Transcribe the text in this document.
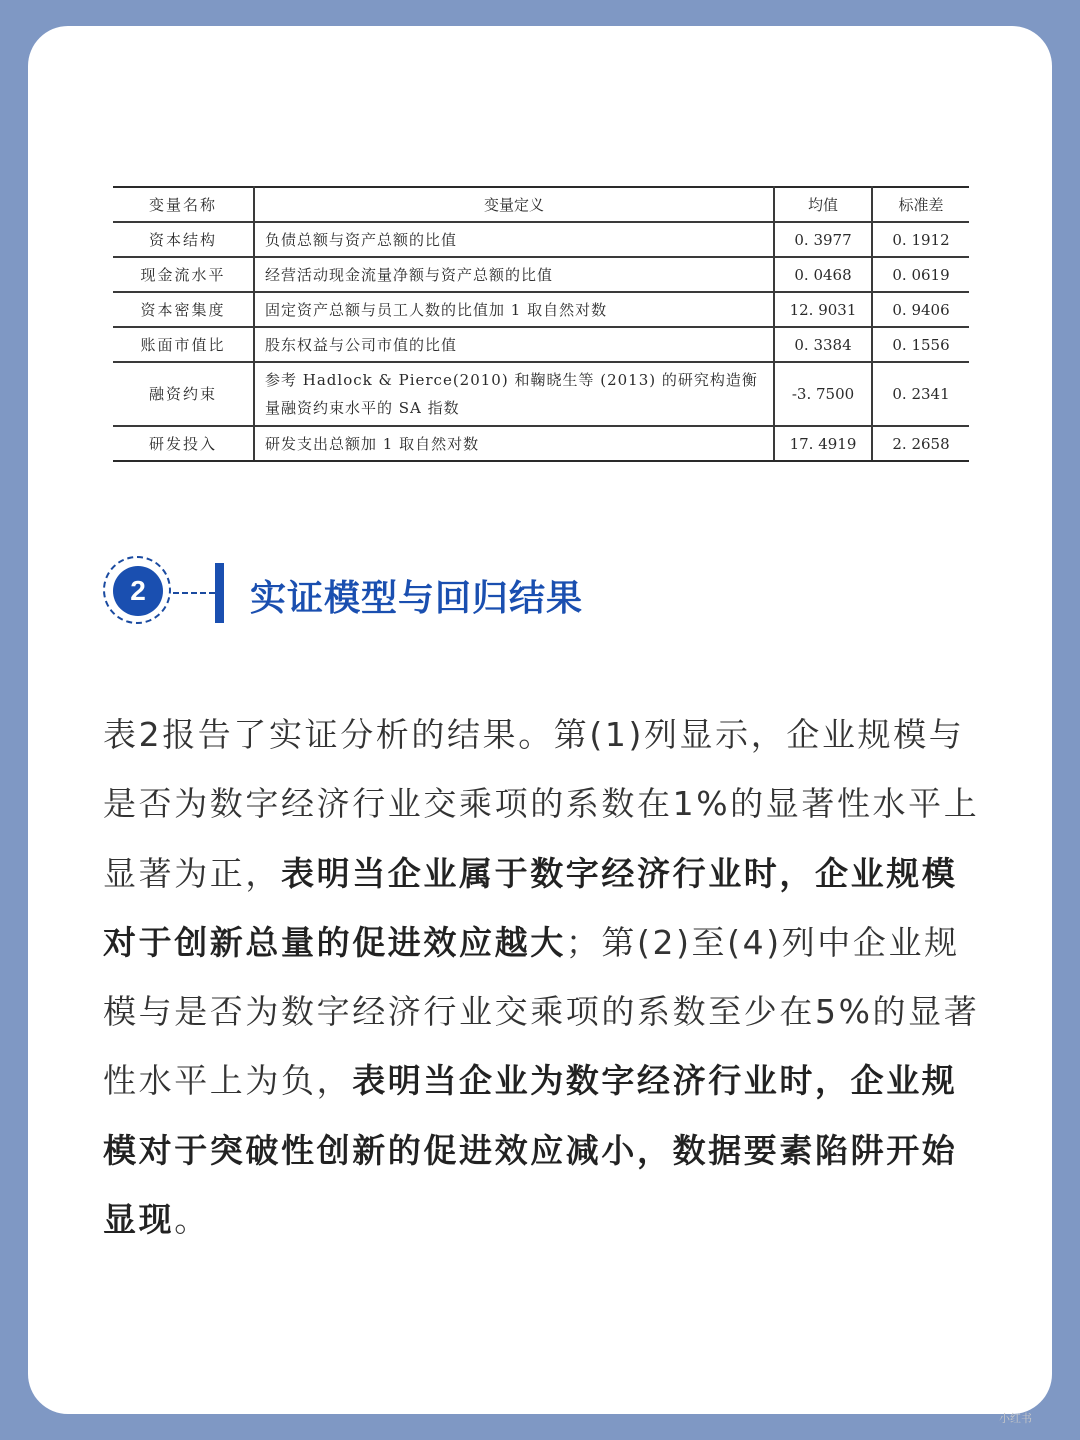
变量名称	变量定义	均值	标准差
资本结构	负债总额与资产总额的比值	0. 3977	0. 1912
现金流水平	经营活动现金流量净额与资产总额的比值	0. 0468	0. 0619
资本密集度	固定资产总额与员工人数的比值加 1 取自然对数	12. 9031	0. 9406
账面市值比	股东权益与公司市值的比值	0. 3384	0. 1556
融资约束	参考 Hadlock & Pierce(2010) 和鞠晓生等 (2013) 的研究构造衡量融资约束水平的 SA 指数	-3. 7500	0. 2341
研发投入	研发支出总额加 1 取自然对数	17. 4919	2. 2658
2	实证模型与回归结果
表2报告了实证分析的结果。第(1)列显示，企业规模与是否为数字经济行业交乘项的系数在1%的显著性水平上显著为正，表明当企业属于数字经济行业时，企业规模对于创新总量的促进效应越大；第(2)至(4)列中企业规模与是否为数字经济行业交乘项的系数至少在5%的显著性水平上为负，表明当企业为数字经济行业时，企业规模对于突破性创新的促进效应减小，数据要素陷阱开始显现。
小红书
